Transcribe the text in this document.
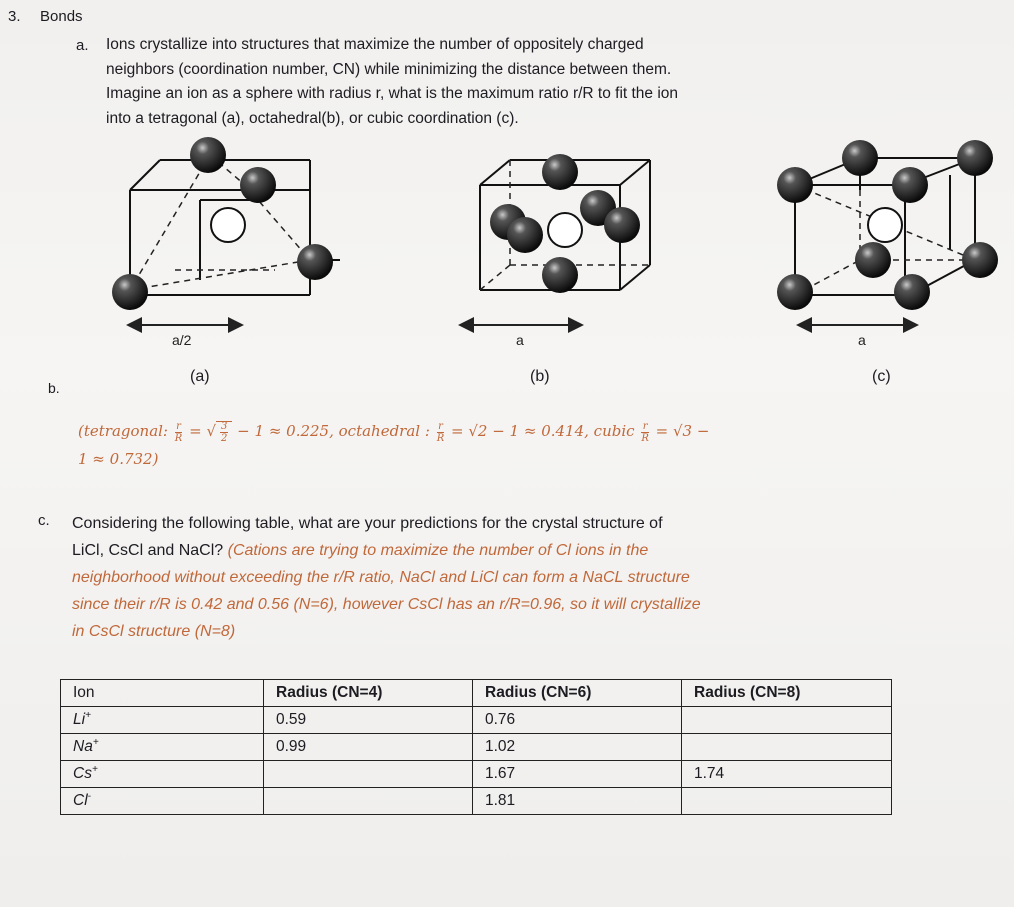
3. Bonds
a. Ions crystallize into structures that maximize the number of oppositely charged
neighbors (coordination number, CN) while minimizing the distance between them.
Imagine an ion as a sphere with radius r, what is the maximum ratio r/R to fit the ion
into a tetragonal (a), octahedral(b), or cubic coordination (c).
a/2	a	a
(a)	(b)	(c)
b.
(tetragonal: $\frac{r}{R}$ = √ $\frac{3}{2} - 1 \approx 0.225$, octahedral : $\frac{r}{R} = √2 - 1 \approx 0.414$, cubic $\frac{r}{R} = √3$ −
1 ≈ 0.732)
c. Considering the following table, what are your predictions for the crystal structure of
LiCl, CsCl and NaCl? (Cations are trying to maximize the number of Cl ions in the
neighborhood without exceeding the r/R ratio, NaCl and LiCl can form a NaCL structure
since their r/R is 0.42 and 0.56 (N=6), however CsCl has an r/R=0.96, so it will crystallize
in CsCl structure (N=8)
Ion	Radius (CN=4)	Radius (CN=6)	Radius (CN=8)
Li+	0.59	0.76	
Na+	0.99	1.02	
Cs+		1.67	1.74
Cl-		1.81	
